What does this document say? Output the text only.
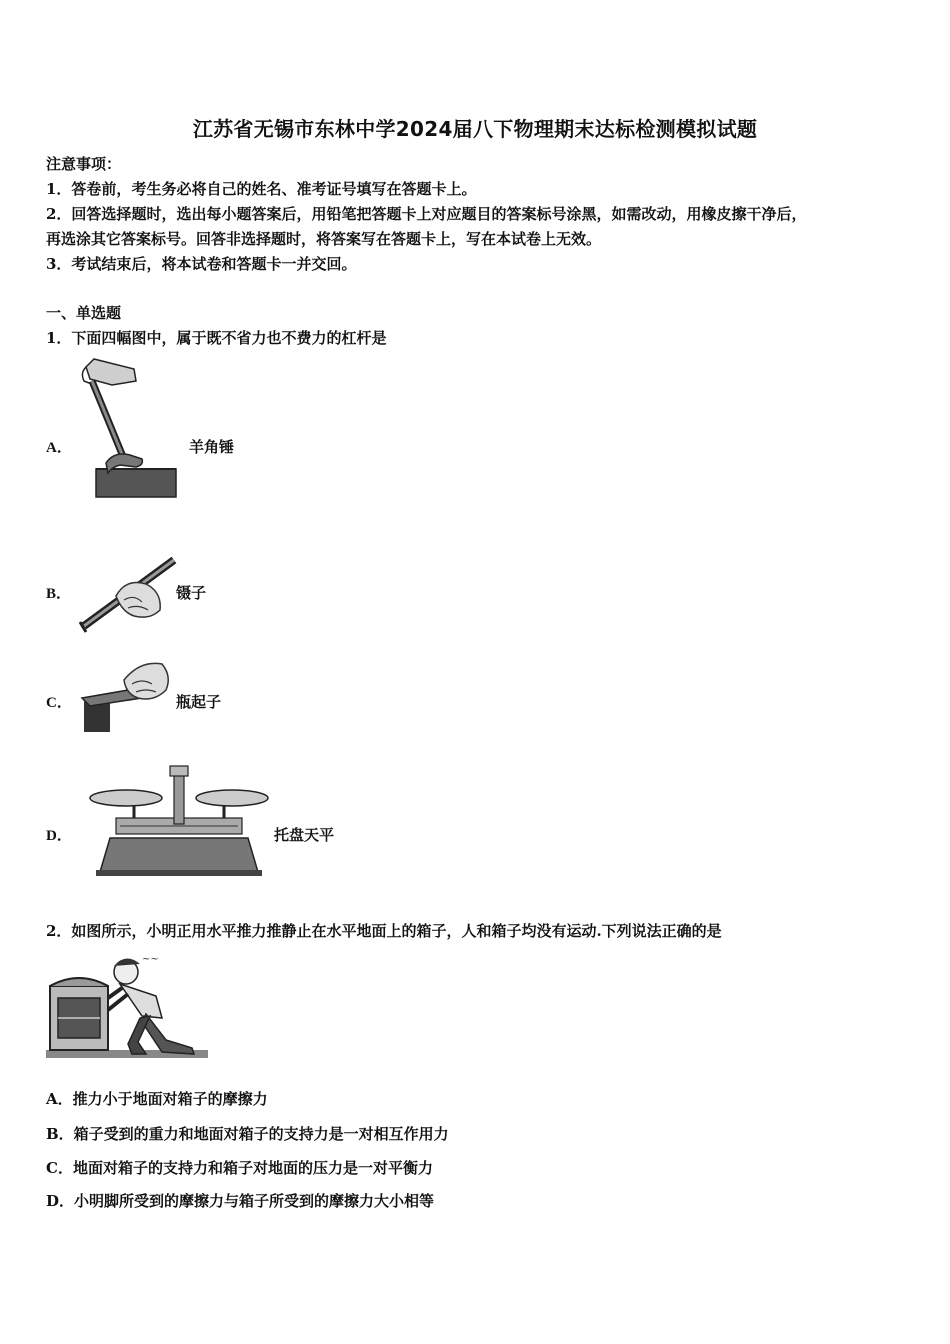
江苏省无锡市东林中学2024届八下物理期末达标检测模拟试题
注意事项：
1．答卷前，考生务必将自己的姓名、准考证号填写在答题卡上。
2．回答选择题时，选出每小题答案后，用铅笔把答题卡上对应题目的答案标号涂黑，如需改动，用橡皮擦干净后，
再选涂其它答案标号。回答非选择题时，将答案写在答题卡上，写在本试卷上无效。
3．考试结束后，将本试卷和答题卡一并交回。
一、单选题
1．下面四幅图中，属于既不省力也不费力的杠杆是
A．	羊角锤
B．	镊子
C．	瓶起子
D．	托盘天平
2．如图所示，小明正用水平推力推静止在水平地面上的箱子，人和箱子均没有运动.下列说法正确的是
~~
A．推力小于地面对箱子的摩擦力
B．箱子受到的重力和地面对箱子的支持力是一对相互作用力
C．地面对箱子的支持力和箱子对地面的压力是一对平衡力
D．小明脚所受到的摩擦力与箱子所受到的摩擦力大小相等
